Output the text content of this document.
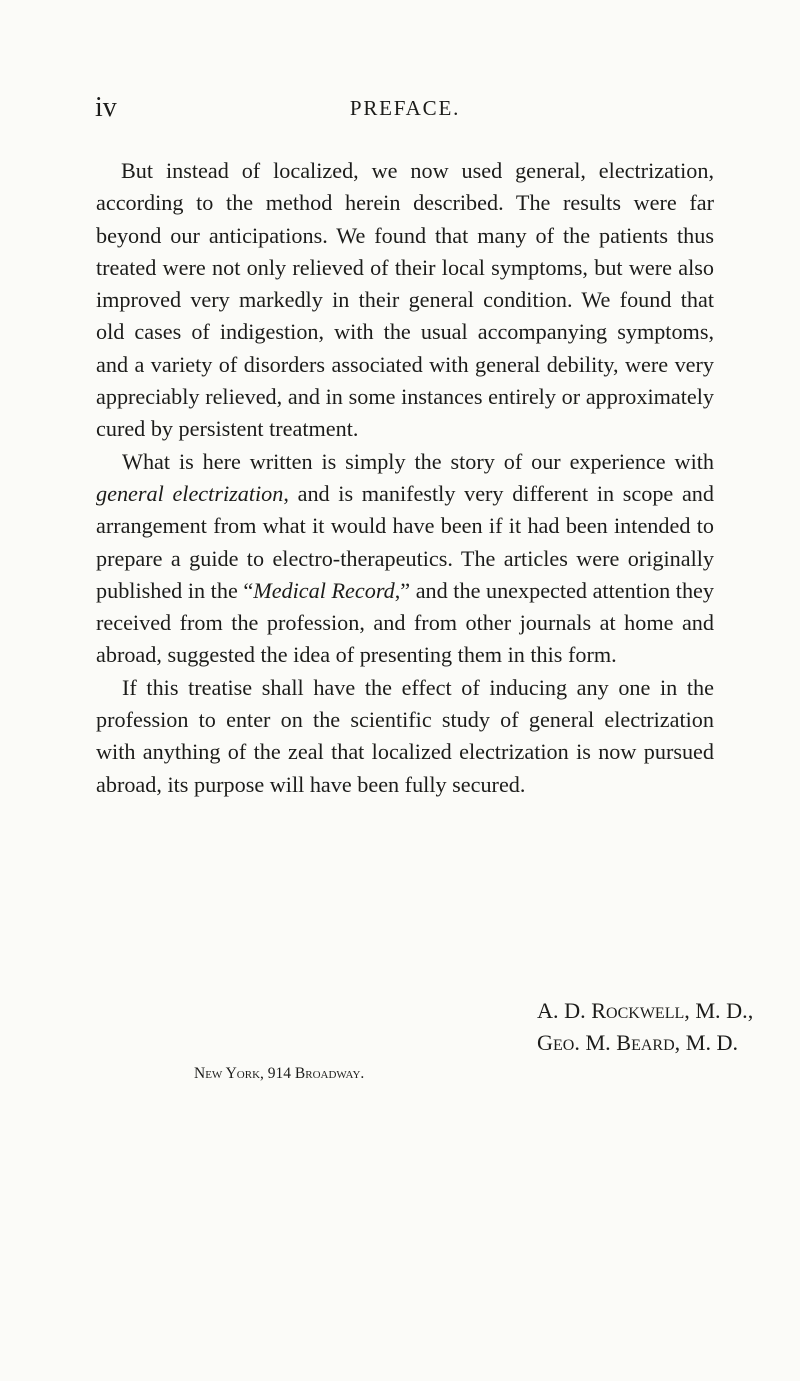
iv	PREFACE.

But instead of localized, we now used general, electrization, according to the method herein described. The results were far beyond our anticipations. We found that many of the patients thus treated were not only relieved of their local symptoms, but were also improved very markedly in their general condition. We found that old cases of indigestion, with the usual accompanying symptoms, and a variety of disorders associated with general debility, were very appreciably relieved, and in some instances entirely or approximately cured by persistent treatment.

What is here written is simply the story of our experience with general electrization, and is manifestly very different in scope and arrangement from what it would have been if it had been intended to prepare a guide to electro-therapeutics. The articles were originally published in the “Medical Record,” and the unexpected attention they received from the profession, and from other journals at home and abroad, suggested the idea of presenting them in this form.

If this treatise shall have the effect of inducing any one in the profession to enter on the scientific study of general electrization with anything of the zeal that localized electrization is now pursued abroad, its purpose will have been fully secured.

A. D. Rockwell, M. D.,
Geo. M. Beard, M. D.
New York, 914 Broadway.
